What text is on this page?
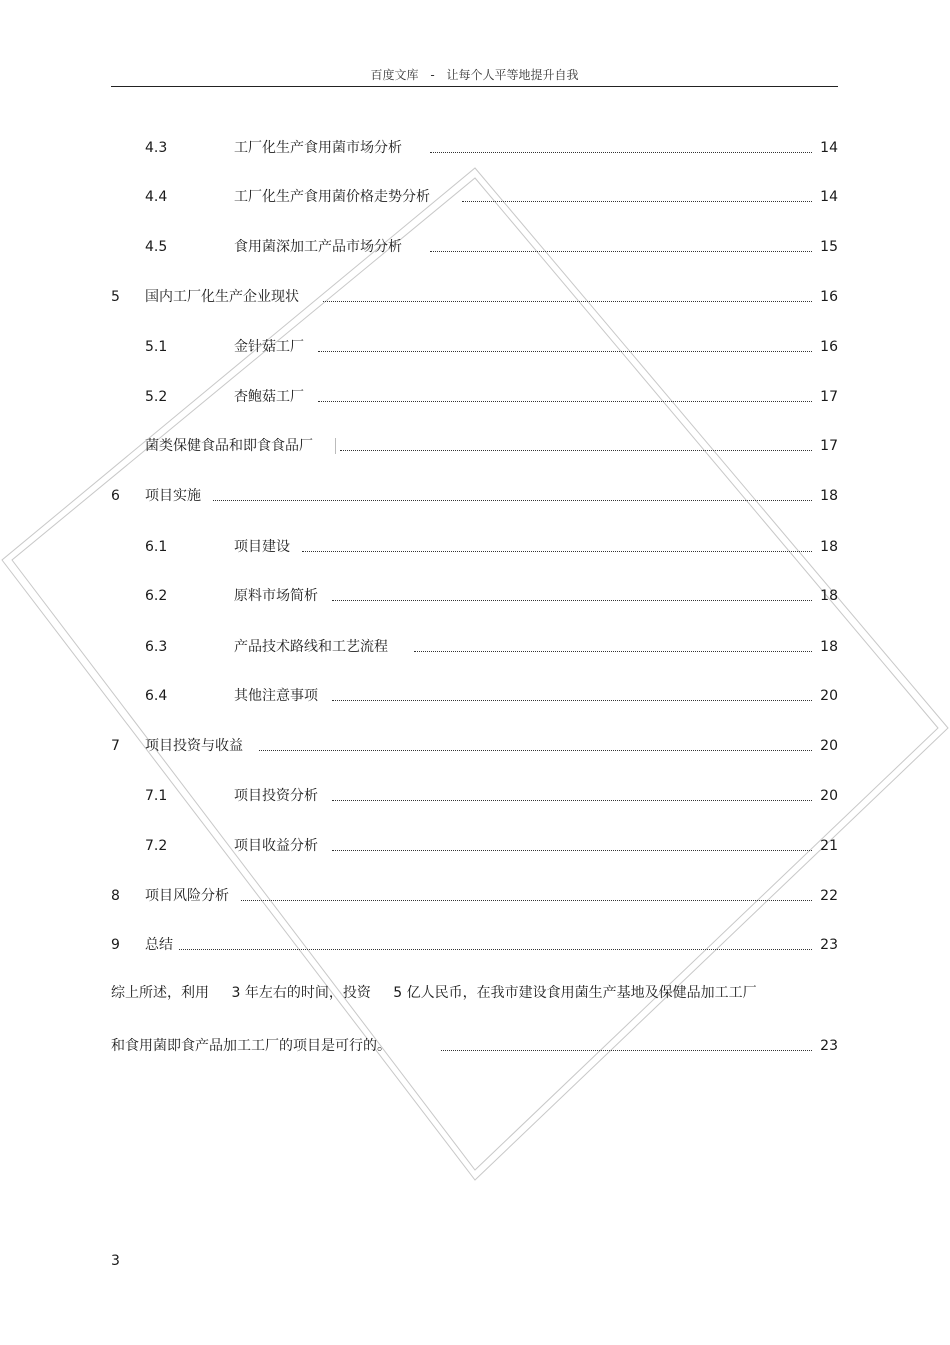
百度文库 - 让每个人平等地提升自我
4.3	工厂化生产食用菌市场分析	14
4.4	工厂化生产食用菌价格走势分析	14
4.5	食用菌深加工产品市场分析	15
5	国内工厂化生产企业现状	16
5.1	金针菇工厂	16
5.2	杏鲍菇工厂	17
菌类保健食品和即食食品厂	17
6	项目实施	18
6.1	项目建设	18
6.2	原料市场简析	18
6.3	产品技术路线和工艺流程	18
6.4	其他注意事项	20
7	项目投资与收益	20
7.1	项目投资分析	20
7.2	项目收益分析	21
8	项目风险分析	22
9	总结	23
综上所述，利用 3 年左右的时间，投资 5 亿人民币，在我市建设食用菌生产基地及保健品加工工厂
和食用菌即食产品加工工厂的项目是可行的。	23
3
